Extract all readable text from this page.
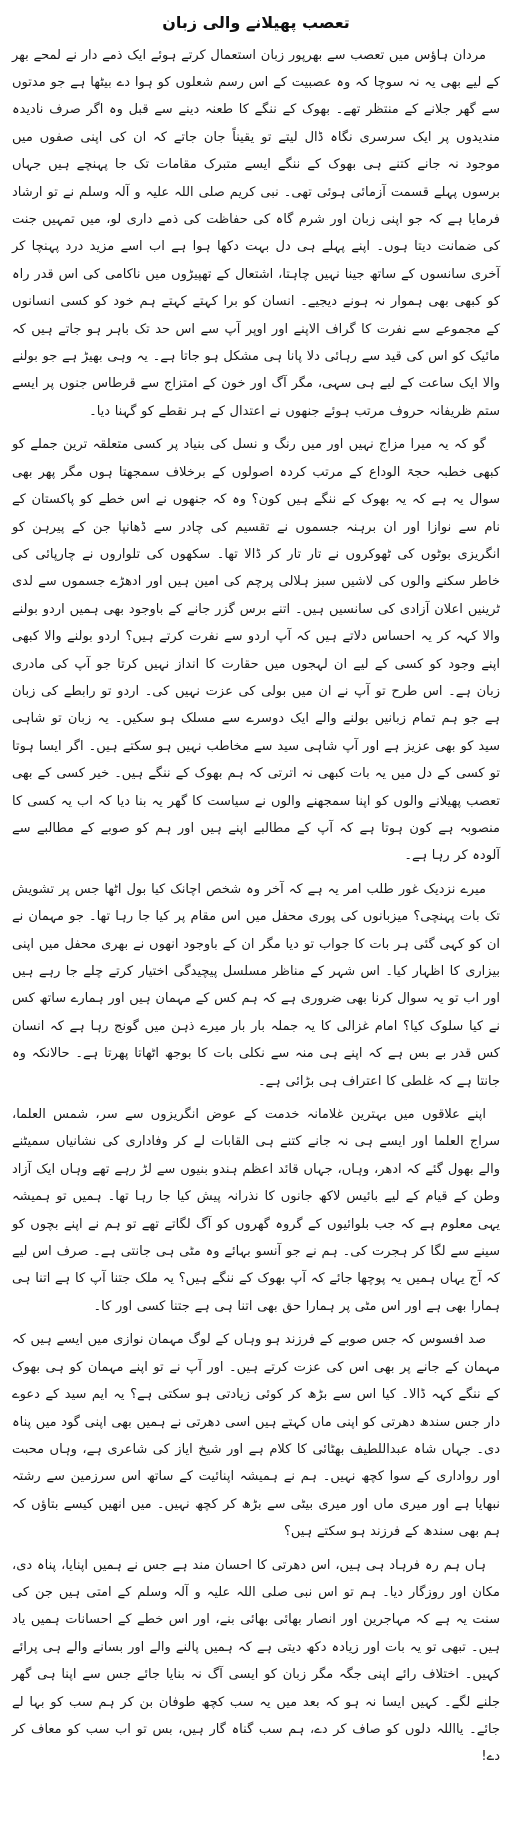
تعصب پھیلانے والی زبان

مردان ہاؤس میں تعصب سے بھرپور زبان استعمال کرتے ہوئے ایک ذمے دار نے لمحے بھر کے لیے بھی یہ نہ سوچا کہ وہ عصبیت کے اس رسم شعلوں کو ہوا دے بیٹھا ہے جو مدتوں سے گھر جلانے کے منتظر تھے۔ بھوک کے ننگے کا طعنہ دینے سے قبل وہ اگر صرف نادیدہ مندیدوں پر ایک سرسری نگاہ ڈال لیتے تو یقیناً جان جاتے کہ ان کی اپنی صفوں میں موجود نہ جانے کتنے ہی بھوک کے ننگے ایسے متبرک مقامات تک جا پہنچے ہیں جہاں برسوں پہلے قسمت آزمائی ہوئی تھی۔ نبی کریم صلی اللہ علیہ و آلہ وسلم نے تو ارشاد فرمایا ہے کہ جو اپنی زبان اور شرم گاہ کی حفاظت کی ذمے داری لو، میں تمہیں جنت کی ضمانت دیتا ہوں۔ اپنے پہلے ہی دل بہت دکھا ہوا ہے اب اسے مزید درد پہنچا کر آخری سانسوں کے ساتھ جینا نہیں چاہتا، اشتعال کے تھپیڑوں میں ناکامی کی اس قدر راہ کو کبھی بھی ہموار نہ ہونے دیجیے۔ انسان کو برا کہتے کہتے ہم خود کو کسی انسانوں کے مجموعے سے نفرت کا گراف الاپنے اور اوپر آپ سے اس حد تک باہر ہو جاتے ہیں کہ مائیک کو اس کی قید سے رہائی دلا پانا ہی مشکل ہو جاتا ہے۔ یہ وہی بھیڑ ہے جو بولنے والا ایک ساعت کے لیے ہی سہی، مگر آگ اور خون کے امتزاج سے قرطاس جنوں پر ایسے ستم ظریفانہ حروف مرتب ہوئے جنھوں نے اعتدال کے ہر نقطے کو گہنا دیا۔

گو کہ یہ میرا مزاج نہیں اور میں رنگ و نسل کی بنیاد پر کسی متعلقہ ترین جملے کو کبھی خطبہ حجۃ الوداع کے مرتب کردہ اصولوں کے برخلاف سمجھتا ہوں مگر پھر بھی سوال یہ ہے کہ یہ بھوک کے ننگے ہیں کون؟ وہ کہ جنھوں نے اس خطے کو پاکستان کے نام سے نوازا اور ان برہنہ جسموں نے تقسیم کی چادر سے ڈھانپا جن کے پیرہن کو انگریزی بوٹوں کی ٹھوکروں نے تار تار کر ڈالا تھا۔ سکھوں کی تلواروں نے چارپائی کی خاطر سکنے والوں کی لاشیں سبز ہلالی پرچم کی امین ہیں اور ادھڑے جسموں سے لدی ٹرینیں اعلان آزادی کی سانسیں ہیں۔ اتنے برس گزر جانے کے باوجود بھی ہمیں اردو بولنے والا کہہ کر یہ احساس دلاتے ہیں کہ آپ اردو سے نفرت کرتے ہیں؟ اردو بولنے والا کبھی اپنے وجود کو کسی کے لیے ان لہجوں میں حقارت کا انداز نہیں کرتا جو آپ کی مادری زبان ہے۔ اس طرح تو آپ نے ان میں بولی کی عزت نہیں کی۔ اردو تو رابطے کی زبان ہے جو ہم تمام زبانیں بولنے والے ایک دوسرے سے مسلک ہو سکیں۔ یہ زبان تو شاہی سید کو بھی عزیز ہے اور آپ شاہی سید سے مخاطب نہیں ہو سکتے ہیں۔ اگر ایسا ہوتا تو کسی کے دل میں یہ بات کبھی نہ اترتی کہ ہم بھوک کے ننگے ہیں۔ خیر کسی کے بھی تعصب پھیلانے والوں کو اپنا سمجھنے والوں نے سیاست کا گھر یہ بنا دیا کہ اب یہ کسی کا منصوبہ ہے کون ہوتا ہے کہ آپ کے مطالبے اپنے ہیں اور ہم کو صوبے کے مطالبے سے آلودہ کر رہا ہے۔

میرے نزدیک غور طلب امر یہ ہے کہ آخر وہ شخص اچانک کیا بول اٹھا جس پر تشویش تک بات پہنچی؟ میزبانوں کی پوری محفل میں اس مقام پر کیا جا رہا تھا۔ جو مہمان نے ان کو کہی گئی ہر بات کا جواب تو دیا مگر ان کے باوجود انھوں نے بھری محفل میں اپنی بیزاری کا اظہار کیا۔ اس شہر کے مناظر مسلسل پیچیدگی اختیار کرتے چلے جا رہے ہیں اور اب تو یہ سوال کرنا بھی ضروری ہے کہ ہم کس کے مہمان ہیں اور ہمارے ساتھ کس نے کیا سلوک کیا؟ امام غزالی کا یہ جملہ بار بار میرے ذہن میں گونج رہا ہے کہ انسان کس قدر بے بس ہے کہ اپنے ہی منہ سے نکلی بات کا بوجھ اٹھاتا پھرتا ہے۔ حالانکہ وہ جانتا ہے کہ غلطی کا اعتراف ہی بڑائی ہے۔

اپنے علاقوں میں بہترین غلامانہ خدمت کے عوض انگریزوں سے سر، شمس العلما، سراج العلما اور ایسے ہی نہ جانے کتنے ہی القابات لے کر وفاداری کی نشانیاں سمیٹنے والے بھول گئے کہ ادھر، وہاں، جہاں قائد اعظم ہندو بنیوں سے لڑ رہے تھے وہاں ایک آزاد وطن کے قیام کے لیے بائیس لاکھ جانوں کا نذرانہ پیش کیا جا رہا تھا۔ ہمیں تو ہمیشہ یہی معلوم ہے کہ جب بلوائیوں کے گروہ گھروں کو آگ لگاتے تھے تو ہم نے اپنے بچوں کو سینے سے لگا کر ہجرت کی۔ ہم نے جو آنسو بہائے وہ مٹی ہی جانتی ہے۔ صرف اس لیے کہ آج یہاں ہمیں یہ پوچھا جائے کہ آپ بھوک کے ننگے ہیں؟ یہ ملک جتنا آپ کا ہے اتنا ہی ہمارا بھی ہے اور اس مٹی پر ہمارا حق بھی اتنا ہی ہے جتنا کسی اور کا۔

صد افسوس کہ جس صوبے کے فرزند ہو وہاں کے لوگ مہمان نوازی میں ایسے ہیں کہ مہمان کے جانے پر بھی اس کی عزت کرتے ہیں۔ اور آپ نے تو اپنے مہمان کو ہی بھوک کے ننگے کہہ ڈالا۔ کیا اس سے بڑھ کر کوئی زیادتی ہو سکتی ہے؟ یہ ایم سید کے دعوے دار جس سندھ دھرتی کو اپنی ماں کہتے ہیں اسی دھرتی نے ہمیں بھی اپنی گود میں پناہ دی۔ جہاں شاہ عبداللطیف بھٹائی کا کلام ہے اور شیخ ایاز کی شاعری ہے، وہاں محبت اور رواداری کے سوا کچھ نہیں۔ ہم نے ہمیشہ اپنائیت کے ساتھ اس سرزمین سے رشتہ نبھایا ہے اور میری ماں اور میری بیٹی سے بڑھ کر کچھ نہیں۔ میں انھیں کیسے بتاؤں کہ ہم بھی سندھ کے فرزند ہو سکتے ہیں؟

ہاں ہم رہ فرہاد ہی ہیں، اس دھرتی کا احسان مند ہے جس نے ہمیں اپنایا، پناہ دی، مکان اور روزگار دیا۔ ہم تو اس نبی صلی اللہ علیہ و آلہ وسلم کے امتی ہیں جن کی سنت یہ ہے کہ مہاجرین اور انصار بھائی بھائی بنے، اور اس خطے کے احسانات ہمیں یاد ہیں۔ تبھی تو یہ بات اور زیادہ دکھ دیتی ہے کہ ہمیں پالنے والے اور بسانے والے ہی پرائے کہیں۔ اختلاف رائے اپنی جگہ مگر زبان کو ایسی آگ نہ بنایا جائے جس سے اپنا ہی گھر جلنے لگے۔ کہیں ایسا نہ ہو کہ بعد میں یہ سب کچھ طوفان بن کر ہم سب کو بہا لے جائے۔ یااللہ دلوں کو صاف کر دے، ہم سب گناہ گار ہیں، بس تو اب سب کو معاف کر دے!
